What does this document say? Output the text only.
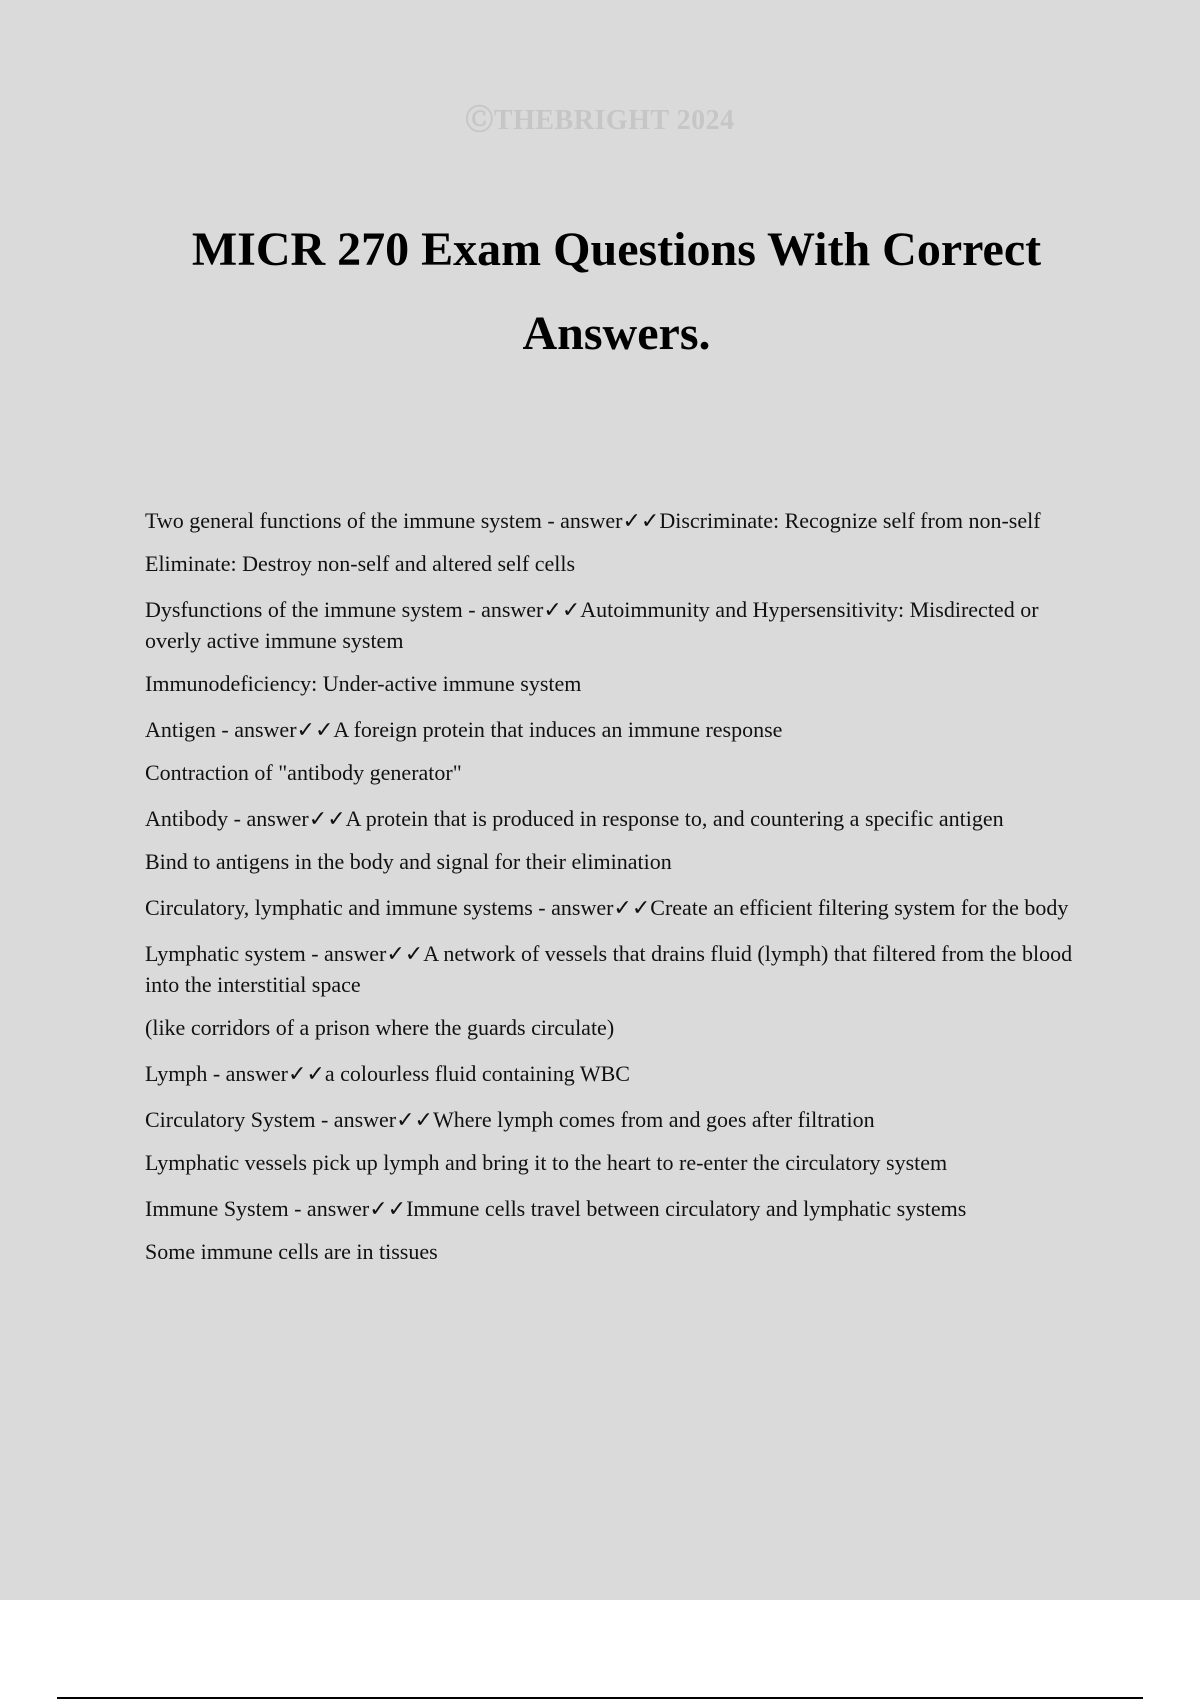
ⒸTHEBRIGHT 2024
MICR 270 Exam Questions With Correct Answers.

Two general functions of the immune system - answer✓✓Discriminate: Recognize self from non-self

Eliminate: Destroy non-self and altered self cells

Dysfunctions of the immune system - answer✓✓Autoimmunity and Hypersensitivity: Misdirected or overly active immune system

Immunodeficiency: Under-active immune system

Antigen - answer✓✓A foreign protein that induces an immune response

Contraction of "antibody generator"

Antibody - answer✓✓A protein that is produced in response to, and countering a specific antigen

Bind to antigens in the body and signal for their elimination

Circulatory, lymphatic and immune systems - answer✓✓Create an efficient filtering system for the body

Lymphatic system - answer✓✓A network of vessels that drains fluid (lymph) that filtered from the blood into the interstitial space

(like corridors of a prison where the guards circulate)

Lymph - answer✓✓a colourless fluid containing WBC

Circulatory System - answer✓✓Where lymph comes from and goes after filtration

Lymphatic vessels pick up lymph and bring it to the heart to re-enter the circulatory system

Immune System - answer✓✓Immune cells travel between circulatory and lymphatic systems

Some immune cells are in tissues
